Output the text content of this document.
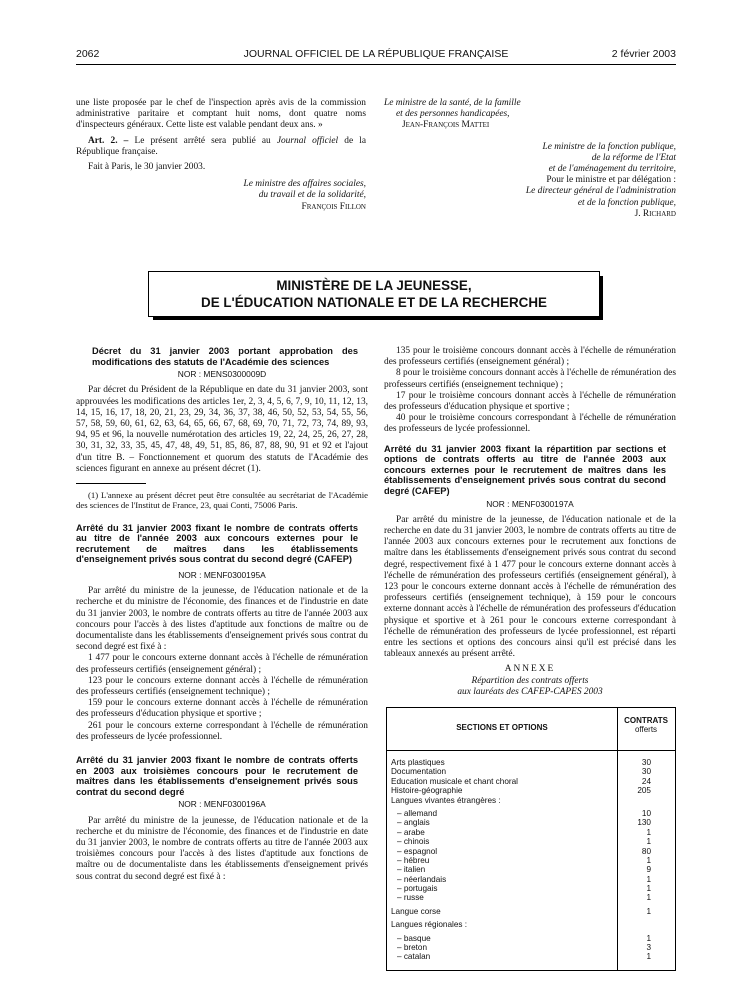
2062	JOURNAL OFFICIEL DE LA RÉPUBLIQUE FRANÇAISE	2 février 2003

une liste proposée par le chef de l'inspection après avis de la commission administrative paritaire et comptant huit noms, dont quatre noms d'inspecteurs généraux. Cette liste est valable pendant deux ans. »

Art. 2. – Le présent arrêté sera publié au Journal officiel de la République française.

Fait à Paris, le 30 janvier 2003.

Le ministre des affaires sociales,
du travail et de la solidarité,
François Fillon
Le ministre de la santé, de la famille
et des personnes handicapées,
Jean-François Mattei
Le ministre de la fonction publique,
de la réforme de l'Etat
et de l'aménagement du territoire,
Pour le ministre et par délégation :
Le directeur général de l'administration
et de la fonction publique,
J. Richard
MINISTÈRE DE LA JEUNESSE,
DE L'ÉDUCATION NATIONALE ET DE LA RECHERCHE
Décret du 31 janvier 2003 portant approbation des modifications des statuts de l'Académie des sciences
NOR : MENS0300009D

Par décret du Président de la République en date du 31 janvier 2003, sont approuvées les modifications des articles 1er, 2, 3, 4, 5, 6, 7, 9, 10, 11, 12, 13, 14, 15, 16, 17, 18, 20, 21, 23, 29, 34, 36, 37, 38, 46, 50, 52, 53, 54, 55, 56, 57, 58, 59, 60, 61, 62, 63, 64, 65, 66, 67, 68, 69, 70, 71, 72, 73, 74, 89, 93, 94, 95 et 96, la nouvelle numérotation des articles 19, 22, 24, 25, 26, 27, 28, 30, 31, 32, 33, 35, 45, 47, 48, 49, 51, 85, 86, 87, 88, 90, 91 et 92 et l'ajout d'un titre B. – Fonctionnement et quorum des statuts de l'Académie des sciences figurant en annexe au présent décret (1).

(1) L'annexe au présent décret peut être consultée au secrétariat de l'Académie des sciences de l'Institut de France, 23, quai Conti, 75006 Paris.

Arrêté du 31 janvier 2003 fixant le nombre de contrats offerts au titre de l'année 2003 aux concours externes pour le recrutement de maîtres dans les établissements d'enseignement privés sous contrat du second degré (CAFEP)
NOR : MENF0300195A

Par arrêté du ministre de la jeunesse, de l'éducation nationale et de la recherche et du ministre de l'économie, des finances et de l'industrie en date du 31 janvier 2003, le nombre de contrats offerts au titre de l'année 2003 aux concours pour l'accès à des listes d'aptitude aux fonctions de maître ou de documentaliste dans les établissements d'enseignement privés sous contrat du second degré est fixé à :

1 477 pour le concours externe donnant accès à l'échelle de rémunération des professeurs certifiés (enseignement général) ;

123 pour le concours externe donnant accès à l'échelle de rémunération des professeurs certifiés (enseignement technique) ;

159 pour le concours externe donnant accès à l'échelle de rémunération des professeurs d'éducation physique et sportive ;

261 pour le concours externe correspondant à l'échelle de rémunération des professeurs de lycée professionnel.

Arrêté du 31 janvier 2003 fixant le nombre de contrats offerts en 2003 aux troisièmes concours pour le recrutement de maîtres dans les établissements d'enseignement privés sous contrat du second degré
NOR : MENF0300196A

Par arrêté du ministre de la jeunesse, de l'éducation nationale et de la recherche et du ministre de l'économie, des finances et de l'industrie en date du 31 janvier 2003, le nombre de contrats offerts au titre de l'année 2003 aux troisièmes concours pour l'accès à des listes d'aptitude aux fonctions de maître ou de documentaliste dans les établissements d'enseignement privés sous contrat du second degré est fixé à :

135 pour le troisième concours donnant accès à l'échelle de rémunération des professeurs certifiés (enseignement général) ;

8 pour le troisième concours donnant accès à l'échelle de rémunération des professeurs certifiés (enseignement technique) ;

17 pour le troisième concours donnant accès à l'échelle de rémunération des professeurs d'éducation physique et sportive ;

40 pour le troisième concours correspondant à l'échelle de rémunération des professeurs de lycée professionnel.

Arrêté du 31 janvier 2003 fixant la répartition par sections et options de contrats offerts au titre de l'année 2003 aux concours externes pour le recrutement de maîtres dans les établissements d'enseignement privés sous contrat du second degré (CAFEP)
NOR : MENF0300197A

Par arrêté du ministre de la jeunesse, de l'éducation nationale et de la recherche en date du 31 janvier 2003, le nombre de contrats offerts au titre de l'année 2003 aux concours externes pour le recrutement aux fonctions de maître dans les établissements d'enseignement privés sous contrat du second degré, respectivement fixé à 1 477 pour le concours externe donnant accès à l'échelle de rémunération des professeurs certifiés (enseignement général), à 123 pour le concours externe donnant accès à l'échelle de rémunération des professeurs certifiés (enseignement technique), à 159 pour le concours externe donnant accès à l'échelle de rémunération des professeurs d'éducation physique et sportive et à 261 pour le concours externe correspondant à l'échelle de rémunération des professeurs de lycée professionnel, est réparti entre les sections et options des concours ainsi qu'il est précisé dans les tableaux annexés au présent arrêté.

ANNEXE
Répartition des contrats offerts
aux lauréats des CAFEP-CAPES 2003
SECTIONS ET OPTIONS
CONTRATS
offerts
Arts plastiques	30
Documentation	30
Education musicale et chant choral	24
Histoire-géographie	205
Langues vivantes étrangères :
– allemand	10
– anglais	130
– arabe	1
– chinois	1
– espagnol	80
– hébreu	1
– italien	9
– néerlandais	1
– portugais	1
– russe	1
Langue corse	1
Langues régionales :
– basque	1
– breton	3
– catalan	1
